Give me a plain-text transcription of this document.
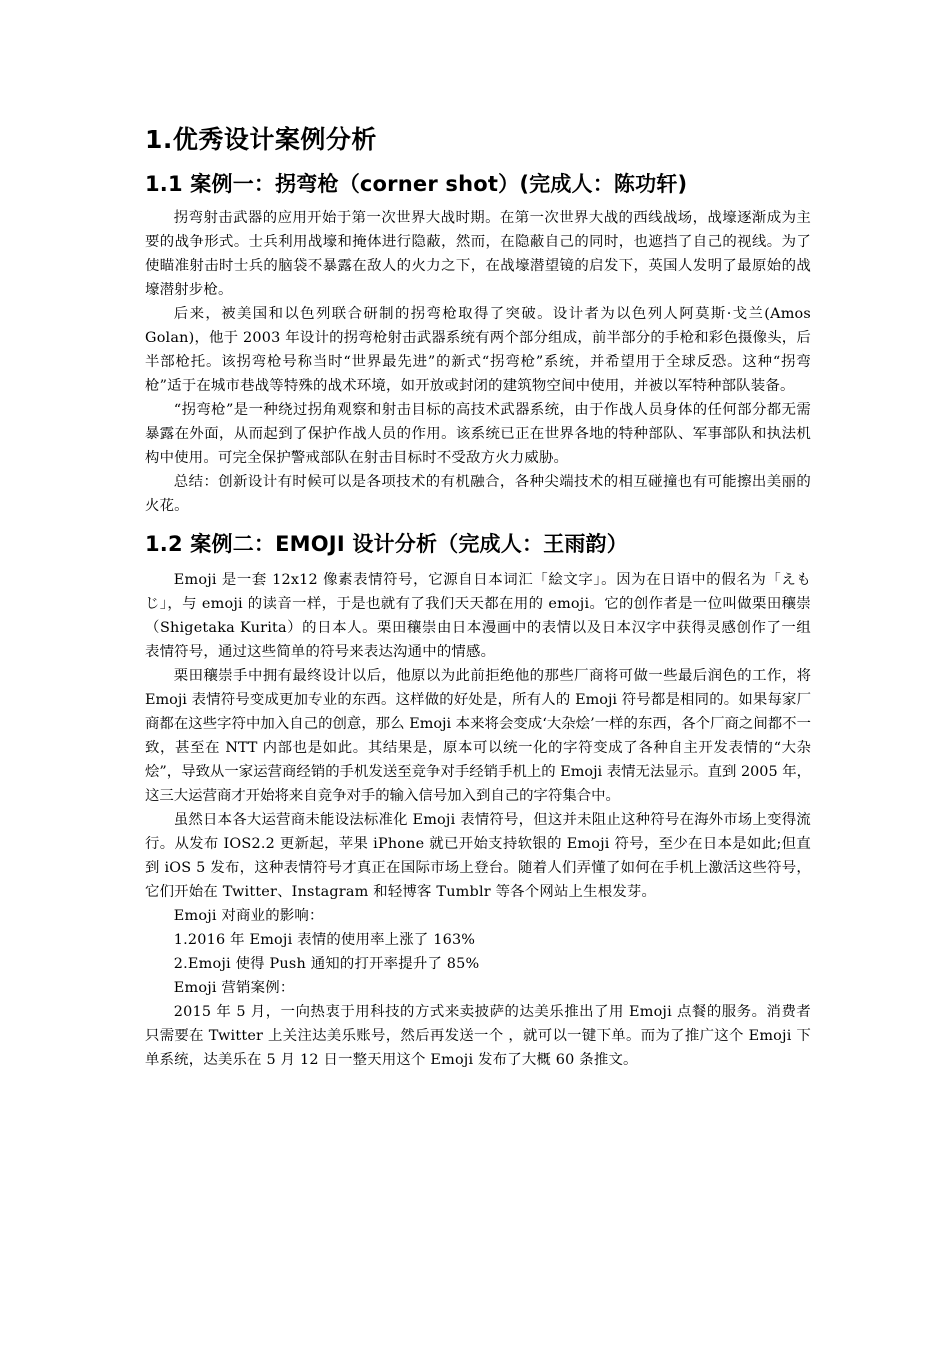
1.优秀设计案例分析
1.1 案例一：拐弯枪（corner shot）(完成人：陈功轩)

拐弯射击武器的应用开始于第一次世界大战时期。在第一次世界大战的西线战场，战壕逐渐成为主要的战争形式。士兵利用战壕和掩体进行隐蔽，然而，在隐蔽自己的同时，也遮挡了自己的视线。为了使瞄准射击时士兵的脑袋不暴露在敌人的火力之下，在战壕潜望镜的启发下，英国人发明了最原始的战壕潜射步枪。

后来，被美国和以色列联合研制的拐弯枪取得了突破。设计者为以色列人阿莫斯·戈兰(Amos Golan)，他于 2003 年设计的拐弯枪射击武器系统有两个部分组成，前半部分的手枪和彩色摄像头，后半部枪托。该拐弯枪号称当时“世界最先进”的新式“拐弯枪”系统，并希望用于全球反恐。这种“拐弯枪”适于在城市巷战等特殊的战术环境，如开放或封闭的建筑物空间中使用，并被以军特种部队装备。

“拐弯枪”是一种绕过拐角观察和射击目标的高技术武器系统，由于作战人员身体的任何部分都无需暴露在外面，从而起到了保护作战人员的作用。该系统已正在世界各地的特种部队、军事部队和执法机构中使用。可完全保护警戒部队在射击目标时不受敌方火力威胁。

总结：创新设计有时候可以是各项技术的有机融合，各种尖端技术的相互碰撞也有可能擦出美丽的火花。

1.2 案例二：EMOJI 设计分析（完成人：王雨韵）

Emoji 是一套 12x12 像素表情符号，它源自日本词汇「絵文字」。因为在日语中的假名为「えもじ」，与 emoji 的读音一样，于是也就有了我们天天都在用的 emoji。它的创作者是一位叫做栗田穰崇（Shigetaka Kurita）的日本人。栗田穰崇由日本漫画中的表情以及日本汉字中获得灵感创作了一组表情符号，通过这些简单的符号来表达沟通中的情感。

栗田穰崇手中拥有最终设计以后，他原以为此前拒绝他的那些厂商将可做一些最后润色的工作，将 Emoji 表情符号变成更加专业的东西。这样做的好处是，所有人的 Emoji 符号都是相同的。如果每家厂商都在这些字符中加入自己的创意，那么 Emoji 本来将会变成‘大杂烩’一样的东西，各个厂商之间都不一致，甚至在 NTT 内部也是如此。其结果是，原本可以统一化的字符变成了各种自主开发表情的“大杂烩”，导致从一家运营商经销的手机发送至竞争对手经销手机上的 Emoji 表情无法显示。直到 2005 年，这三大运营商才开始将来自竞争对手的输入信号加入到自己的字符集合中。

虽然日本各大运营商未能设法标准化 Emoji 表情符号，但这并未阻止这种符号在海外市场上变得流行。从发布 IOS2.2 更新起，苹果 iPhone 就已开始支持软银的 Emoji 符号，至少在日本是如此;但直到 iOS 5 发布，这种表情符号才真正在国际市场上登台。随着人们弄懂了如何在手机上激活这些符号，它们开始在 Twitter、Instagram 和轻博客 Tumblr 等各个网站上生根发芽。

Emoji 对商业的影响：

1.2016 年 Emoji 表情的使用率上涨了 163%

2.Emoji 使得 Push 通知的打开率提升了 85%

Emoji 营销案例：

2015 年 5 月，一向热衷于用科技的方式来卖披萨的达美乐推出了用 Emoji 点餐的服务。消费者只需要在 Twitter 上关注达美乐账号，然后再发送一个 ，就可以一键下单。而为了推广这个 Emoji 下单系统，达美乐在 5 月 12 日一整天用这个 Emoji 发布了大概 60 条推文。
